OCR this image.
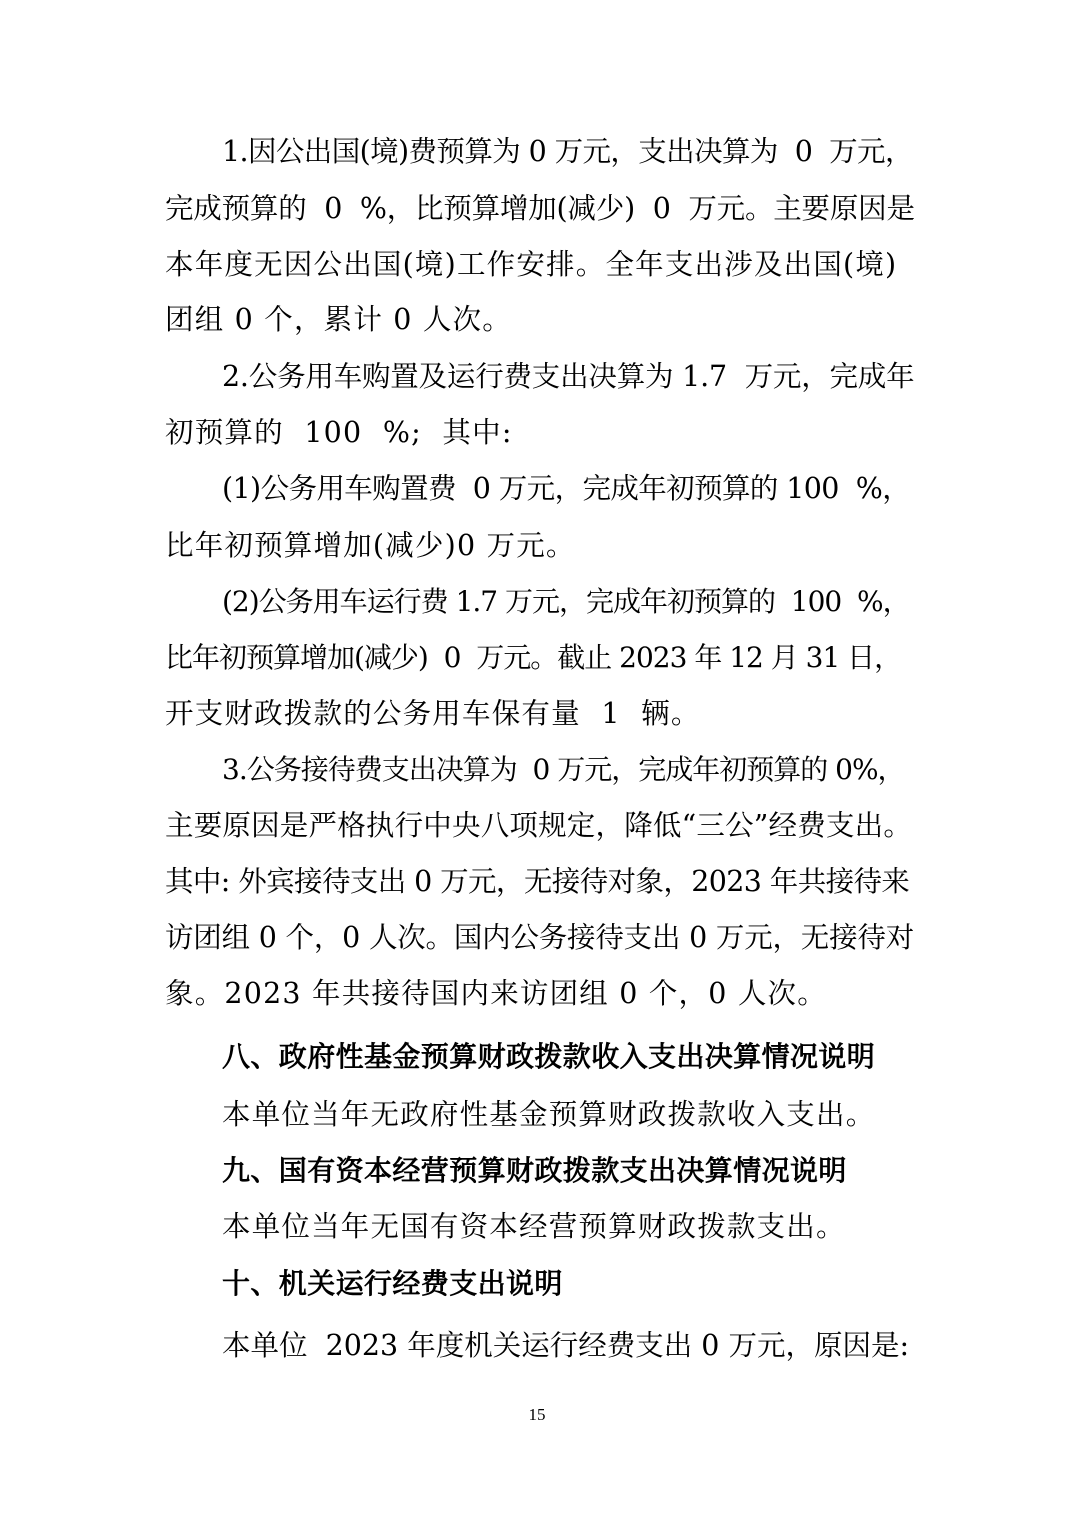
1.因公出国(境)费预算为 0 万元，支出决算为  0  万元，
完成预算的  0  %，比预算增加(减少)  0  万元。主要原因是
本年度无因公出国(境)工作安排。全年支出涉及出国(境)
团组 0 个，累计 0 人次。
2.公务用车购置及运行费支出决算为 1.7  万元，完成年
初预算的  100  %;  其中:
(1)公务用车购置费  0 万元，完成年初预算的 100  %，
比年初预算增加(减少)0 万元。
(2)公务用车运行费 1.7 万元，完成年初预算的  100  %，
比年初预算增加(减少)  0  万元。截止 2023 年 12 月 31 日，
开支财政拨款的公务用车保有量  1  辆。
3.公务接待费支出决算为  0 万元，完成年初预算的 0%，
主要原因是严格执行中央八项规定，降低“三公”经费支出。
其中: 外宾接待支出 0 万元，无接待对象，2023 年共接待来
访团组 0 个，0 人次。国内公务接待支出 0 万元，无接待对
象。2023 年共接待国内来访团组 0 个，0 人次。
八、政府性基金预算财政拨款收入支出决算情况说明
本单位当年无政府性基金预算财政拨款收入支出。
九、国有资本经营预算财政拨款支出决算情况说明
本单位当年无国有资本经营预算财政拨款支出。
十、机关运行经费支出说明
本单位  2023 年度机关运行经费支出 0 万元，原因是:
15
